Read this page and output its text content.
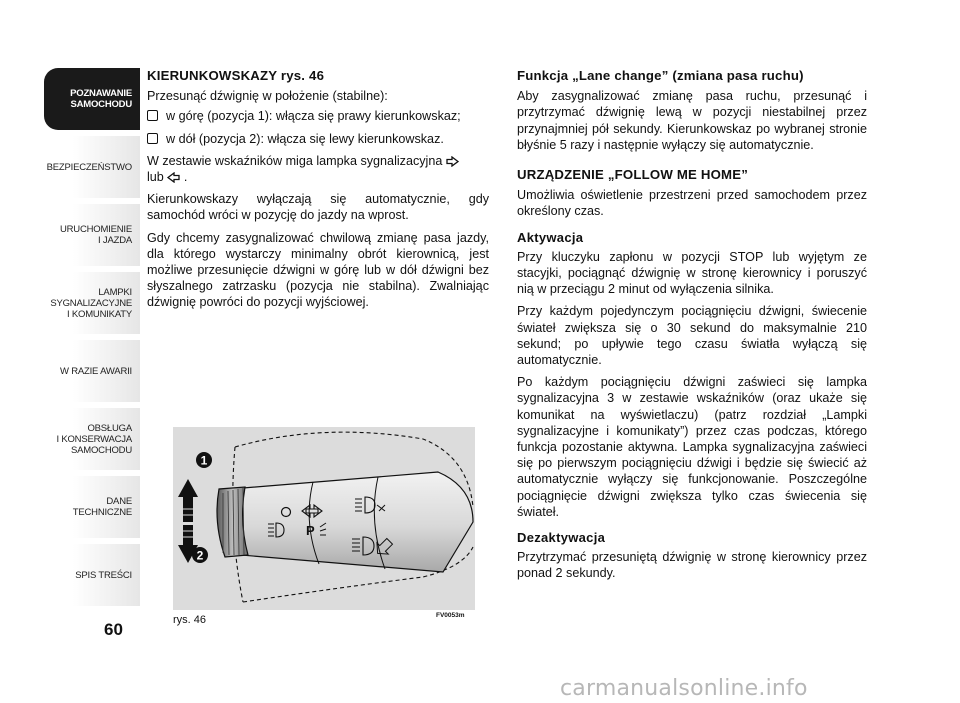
POZNAWANIE
SAMOCHODU
BEZPIECZEŃSTWO
URUCHOMIENIE
I JAZDA
LAMPKI
SYGNALIZACYJNE
I KOMUNIKATY
W RAZIE AWARII
OBSŁUGA
I KONSERWACJA
SAMOCHODU
DANE
TECHNICZNE
SPIS TREŚCI
60
KIERUNKOWSKAZY rys. 46

Przesunąć dźwignię w położenie (stabilne):

w górę (pozycja 1): włącza się prawy kierunkowskaz;
w dół (pozycja 2): włącza się lewy kierunkowskaz.

W zestawie wskaźników miga lampka sygnalizacyjna
lub .

Kierunkowskazy wyłączają się automatycznie, gdy samochód wróci w pozycję do jazdy na wprost.

Gdy chcemy zasygnalizować chwilową zmianę pasa jazdy, dla którego wystarczy minimalny obrót kierownicą, jest możliwe przesunięcie dźwigni w górę lub w dół dźwigni bez słyszalnego zatrzasku (pozycja nie stabilna). Zwalniając dźwignię powróci do pozycji wyjściowej.

Funkcja „Lane change” (zmiana pasa ruchu)

Aby zasygnalizować zmianę pasa ruchu, przesunąć i przytrzymać dźwignię lewą w pozycji niestabilnej przez przynajmniej pół sekundy. Kierunkowskaz po wybranej stronie błyśnie 5 razy i następnie wyłączy się automatycznie.

URZĄDZENIE „FOLLOW ME HOME”

Umożliwia oświetlenie przestrzeni przed samochodem przez określony czas.

Aktywacja

Przy kluczyku zapłonu w pozycji STOP lub wyjętym ze stacyjki, pociągnąć dźwignię w stronę kierownicy i poruszyć nią w przeciągu 2 minut od wyłączenia silnika.

Przy każdym pojedynczym pociągnięciu dźwigni, świecenie świateł zwiększa się o 30 sekund do maksymalnie 210 sekund; po upływie tego czasu światła wyłączą się automatycznie.

Po każdym pociągnięciu dźwigni zaświeci się lampka sygnalizacyjna 3 w zestawie wskaźników (oraz ukaże się komunikat na wyświetlaczu) (patrz rozdział „Lampki sygnalizacyjne i komunikaty”) przez czas podczas, którego funkcja pozostanie aktywna. Lampka sygnalizacyjna zaświeci się po pierwszym pociągnięciu dźwigi i będzie się świecić aż automatycznie wyłączy się funkcjonowanie. Poszczególne pociągnięcie dźwigni zwiększa tylko czas świecenia się świateł.

Dezaktywacja

Przytrzymać przesuniętą dźwignię w stronę kierownicy przez ponad 2 sekundy.

P
1
2
rys. 46	FV0053m
carmanualsonline.info
